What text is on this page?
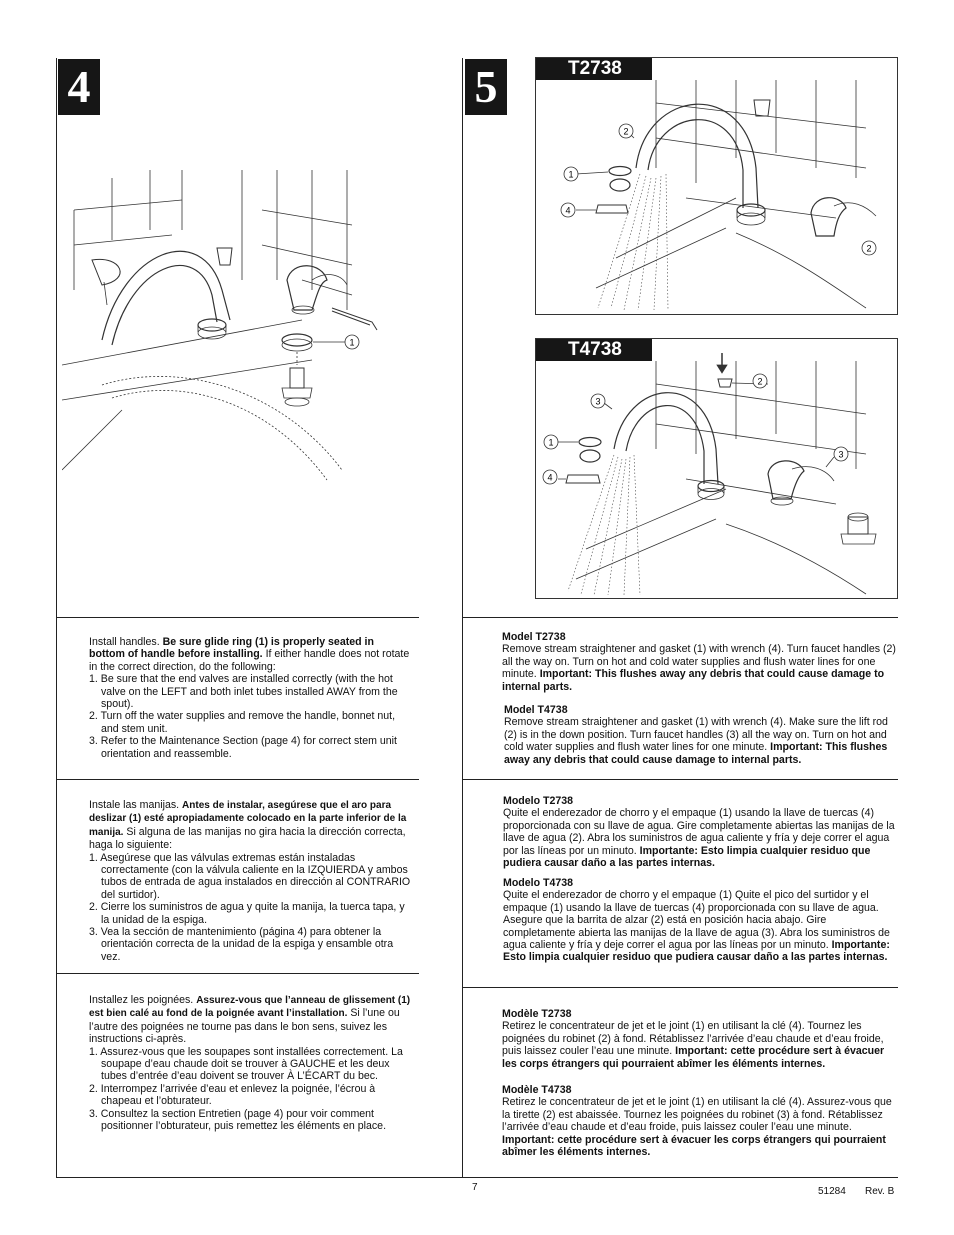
4	5
1
1
2
2
4
T2738
1
2
3
3
4
T4738

Install handles. Be sure glide ring (1) is properly seated in bottom of handle before installing. If either handle does not rotate in the correct direction, do the following:

1. Be sure that the end valves are installed correctly (with the hot valve on the LEFT and both inlet tubes installed AWAY from the spout).
2. Turn off the water supplies and remove the handle, bonnet nut, and stem unit.
3. Refer to the Maintenance Section (page 4) for correct stem unit orientation and reassemble.

Instale las manijas. Antes de instalar, asegúrese que el aro para deslizar (1) esté apropiadamente colocado en la parte inferior de la manija. Si alguna de las manijas no gira hacia la dirección correcta, haga lo siguiente:

1. Asegúrese que las válvulas extremas están instaladas correctamente (con la válvula caliente en la IZQUIERDA y ambos tubos de entrada de agua instalados en dirección al CONTRARIO del surtidor).
2. Cierre los suministros de agua y quite la manija, la tuerca tapa, y la unidad de la espiga.
3. Vea la sección de mantenimiento (página 4) para obtener la orientación correcta de la unidad de la espiga y ensamble otra vez.

Installez les poignées. Assurez-vous que l’anneau de glissement (1) est bien calé au fond de la poignée avant l’installation. Si l’une ou l’autre des poignées ne tourne pas dans le bon sens, suivez les instructions ci-après.

1. Assurez-vous que les soupapes sont installées correctement. La soupape d’eau chaude doit se trouver à GAUCHE et les deux tubes d’entrée d’eau doivent se trouver À L’ÉCART du bec.
2. Interrompez l’arrivée d’eau et enlevez la poignée, l’écrou à chapeau et l’obturateur.
3. Consultez la section Entretien (page 4) pour voir comment positionner l’obturateur, puis remettez les éléments en place.
Model T2738

Remove stream straightener and gasket (1) with wrench (4). Turn faucet handles (2) all the way on. Turn on hot and cold water supplies and flush water lines for one minute. Important: This flushes away any debris that could cause damage to internal parts.

Model T4738

Remove stream straightener and gasket (1) with wrench (4). Make sure the lift rod (2) is in the down position. Turn faucet handles (3) all the way on. Turn on hot and cold water supplies and flush water lines for one minute. Important: This flushes away any debris that could cause damage to internal parts.

Modelo T2738

Quite el enderezador de chorro y el empaque (1) usando la llave de tuercas (4) proporcionada con su llave de agua. Gire completamente abiertas las manijas de la llave de agua (2). Abra los suministros de agua caliente y fría y deje correr el agua por las líneas por un minuto. Importante: Esto limpia cualquier residuo que pudiera causar daño a las partes internas.

Modelo T4738

Quite el enderezador de chorro y el empaque (1) Quite el pico del surtidor y el empaque (1) usando la llave de tuercas (4) proporcionada con su llave de agua. Asegure que la barrita de alzar (2) está en posición hacia abajo. Gire completamente abierta las manijas de la llave de agua (3). Abra los suministros de agua caliente y fría y deje correr el agua por las líneas por un minuto. Importante: Esto limpia cualquier residuo que pudiera causar daño a las partes internas.

Modèle T2738

Retirez le concentrateur de jet et le joint (1) en utilisant la clé (4). Tournez les poignées du robinet (2) à fond. Rétablissez l’arrivée d’eau chaude et d’eau froide, puis laissez couler l’eau une minute. Important: cette procédure sert à évacuer les corps étrangers qui pourraient abîmer les éléments internes.

Modèle T4738

Retirez le concentrateur de jet et le joint (1) en utilisant la clé (4). Assurez-vous que la tirette (2) est abaissée. Tournez les poignées du robinet (3) à fond. Rétablissez l’arrivée d’eau chaude et d’eau froide, puis laissez couler l’eau une minute. Important: cette procédure sert à évacuer les corps étrangers qui pourraient abîmer les éléments internes.

7	51284 Rev. B
